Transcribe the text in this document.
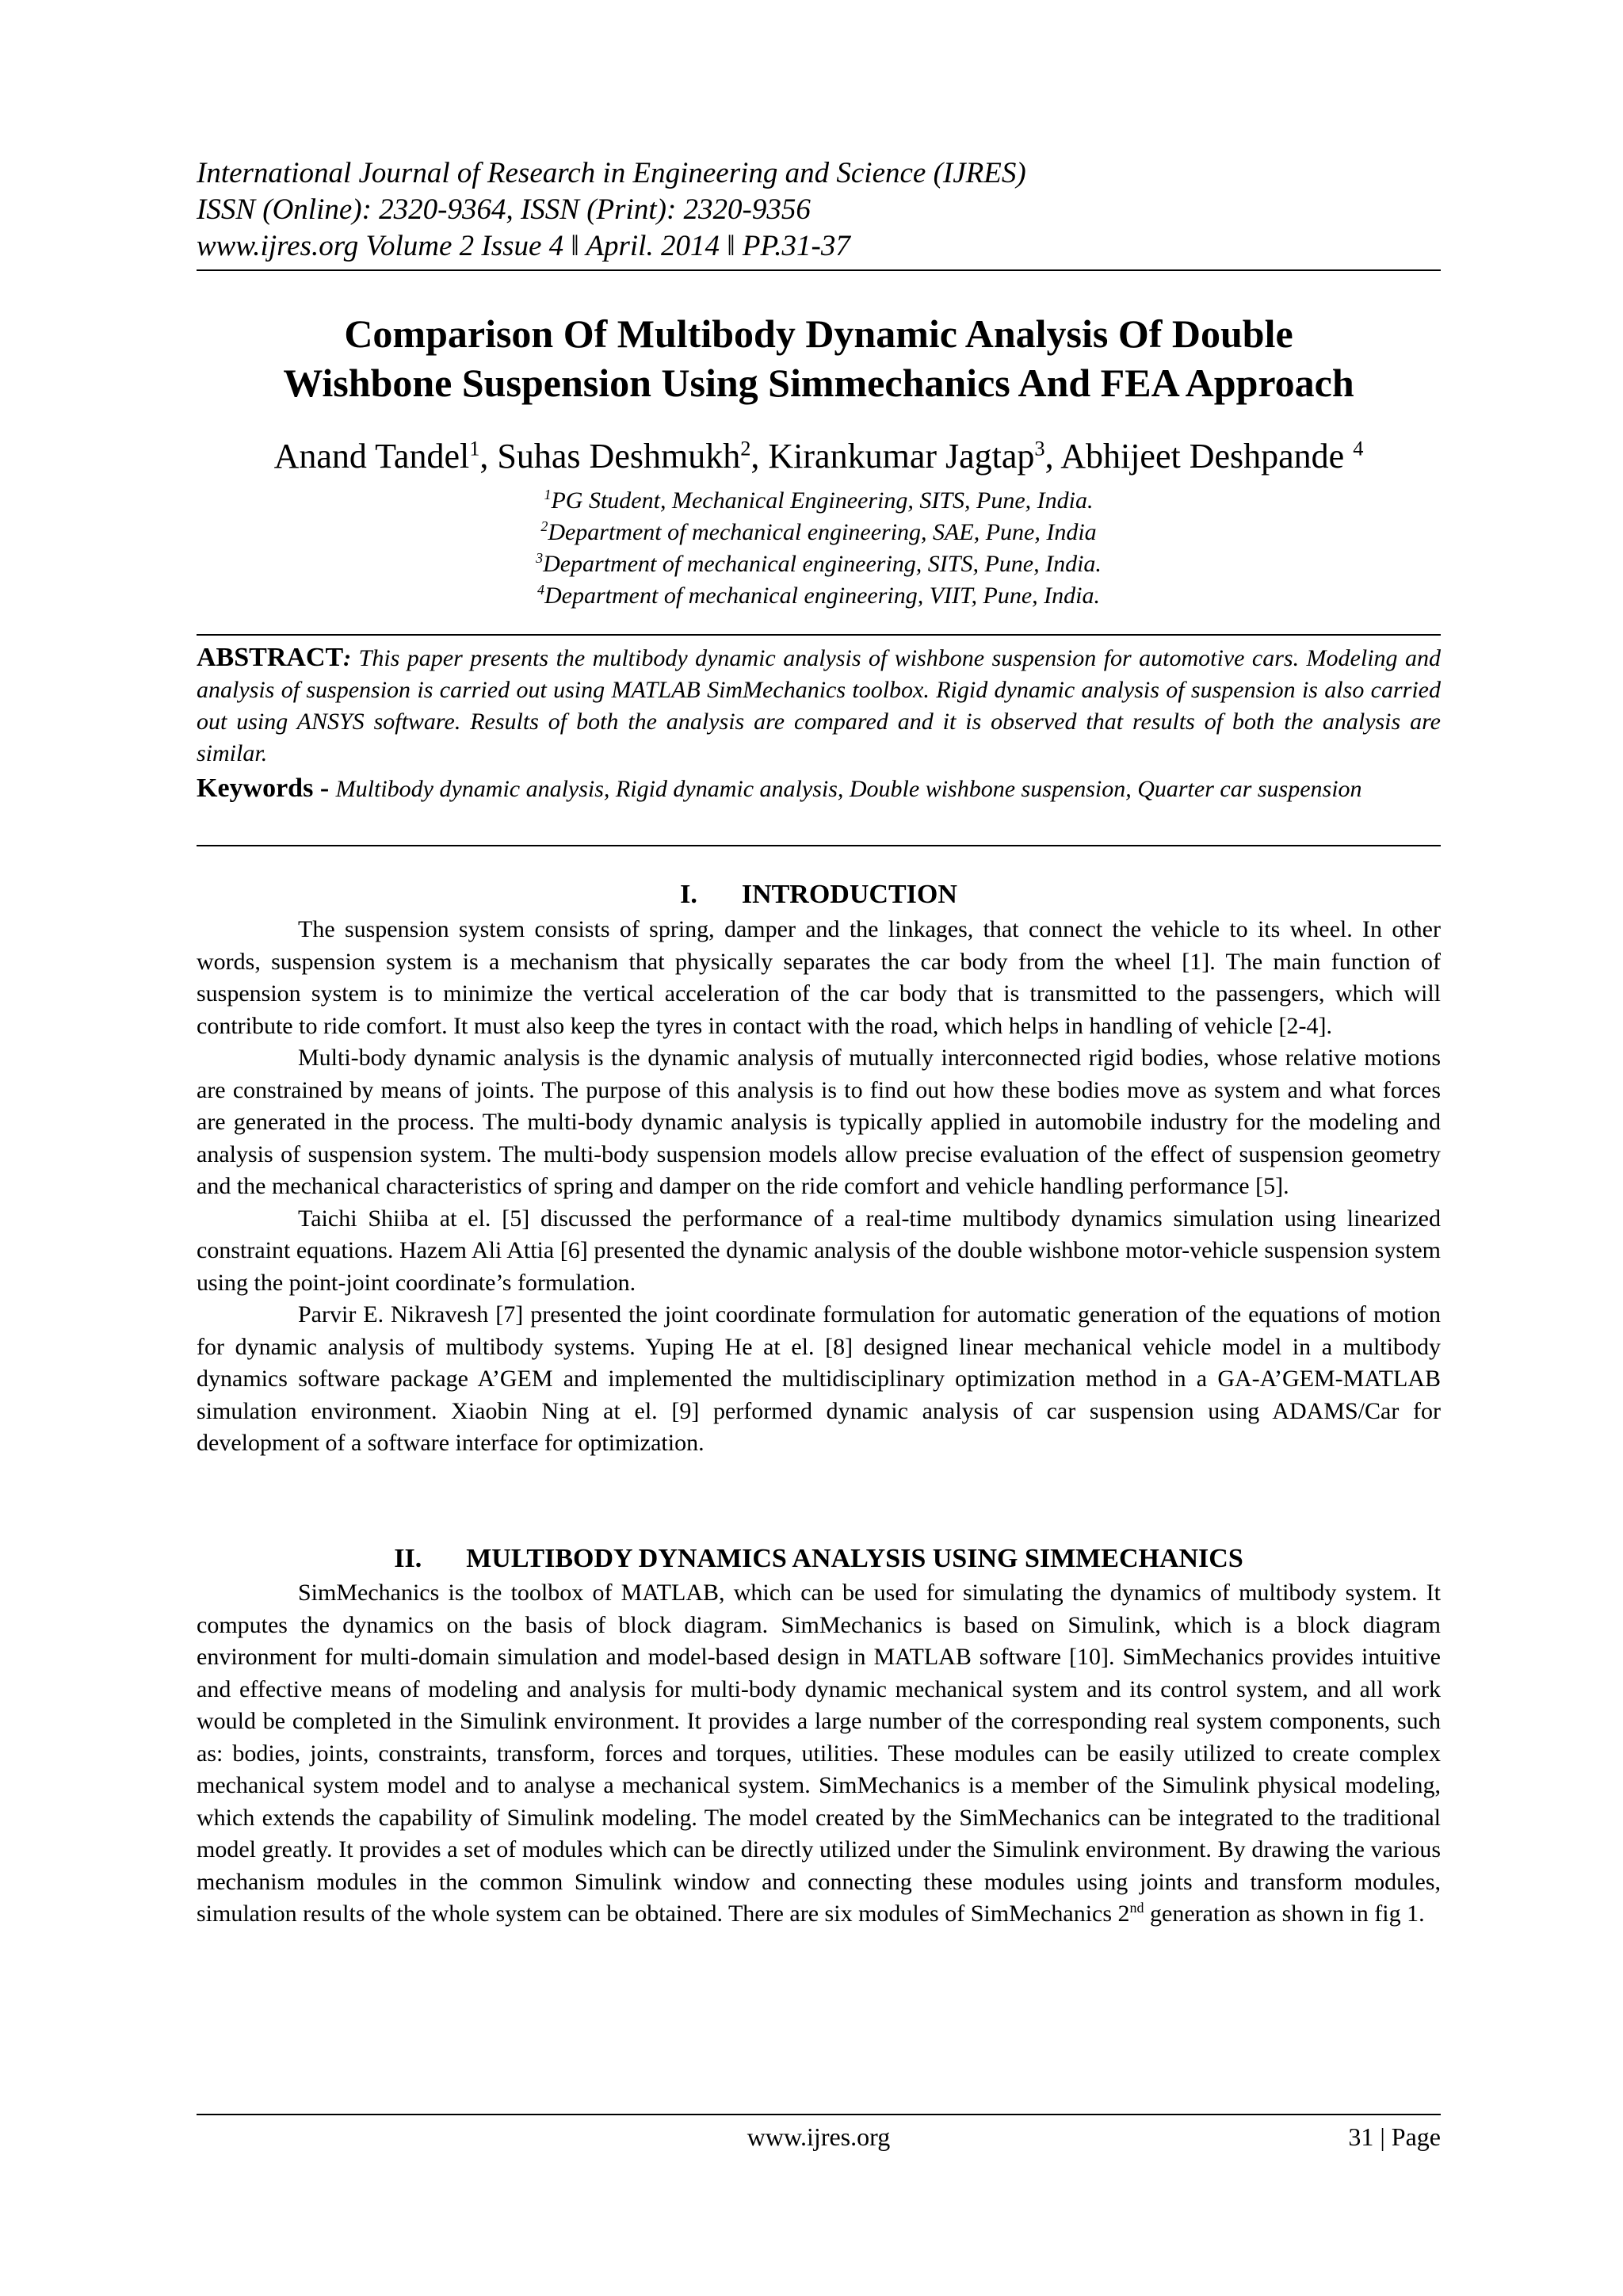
International Journal of Research in Engineering and Science (IJRES)
ISSN (Online): 2320-9364, ISSN (Print): 2320-9356
www.ijres.org Volume 2 Issue 4 ǁ April. 2014 ǁ PP.31-37
Comparison Of Multibody Dynamic Analysis Of Double
Wishbone Suspension Using Simmechanics And FEA Approach
Anand Tandel$^1$, Suhas Deshmukh$^2$, Kirankumar Jagtap$^3$, Abhijeet Deshpande $^4$
$^1$PG Student, Mechanical Engineering, SITS, Pune, India.
$^2$Department of mechanical engineering, SAE, Pune, India
$^3$Department of mechanical engineering, SITS, Pune, India.
$^4$Department of mechanical engineering, VIIT, Pune, India.
ABSTRACT: This paper presents the multibody dynamic analysis of wishbone suspension for automotive cars. Modeling and analysis of suspension is carried out using MATLAB SimMechanics toolbox. Rigid dynamic analysis of suspension is also carried out using ANSYS software. Results of both the analysis are compared and it is observed that results of both the analysis are similar.
Keywords - Multibody dynamic analysis, Rigid dynamic analysis, Double wishbone suspension, Quarter car suspension
I. INTRODUCTION

The suspension system consists of spring, damper and the linkages, that connect the vehicle to its wheel. In other words, suspension system is a mechanism that physically separates the car body from the wheel [1]. The main function of suspension system is to minimize the vertical acceleration of the car body that is transmitted to the passengers, which will contribute to ride comfort. It must also keep the tyres in contact with the road, which helps in handling of vehicle [2-4].

Multi-body dynamic analysis is the dynamic analysis of mutually interconnected rigid bodies, whose relative motions are constrained by means of joints. The purpose of this analysis is to find out how these bodies move as system and what forces are generated in the process. The multi-body dynamic analysis is typically applied in automobile industry for the modeling and analysis of suspension system. The multi-body suspension models allow precise evaluation of the effect of suspension geometry and the mechanical characteristics of spring and damper on the ride comfort and vehicle handling performance [5].

Taichi Shiiba at el. [5] discussed the performance of a real-time multibody dynamics simulation using linearized constraint equations. Hazem Ali Attia [6] presented the dynamic analysis of the double wishbone motor-vehicle suspension system using the point-joint coordinate’s formulation.

Parvir E. Nikravesh [7] presented the joint coordinate formulation for automatic generation of the equations of motion for dynamic analysis of multibody systems. Yuping He at el. [8] designed linear mechanical vehicle model in a multibody dynamics software package A’GEM and implemented the multidisciplinary optimization method in a GA-A’GEM-MATLAB simulation environment. Xiaobin Ning at el. [9] performed dynamic analysis of car suspension using ADAMS/Car for development of a software interface for optimization.

II. MULTIBODY DYNAMICS ANALYSIS USING SIMMECHANICS

SimMechanics is the toolbox of MATLAB, which can be used for simulating the dynamics of multibody system. It computes the dynamics on the basis of block diagram. SimMechanics is based on Simulink, which is a block diagram environment for multi-domain simulation and model-based design in MATLAB software [10]. SimMechanics provides intuitive and effective means of modeling and analysis for multi-body dynamic mechanical system and its control system, and all work would be completed in the Simulink environment. It provides a large number of the corresponding real system components, such as: bodies, joints, constraints, transform, forces and torques, utilities. These modules can be easily utilized to create complex mechanical system model and to analyse a mechanical system. SimMechanics is a member of the Simulink physical modeling, which extends the capability of Simulink modeling. The model created by the SimMechanics can be integrated to the traditional model greatly. It provides a set of modules which can be directly utilized under the Simulink environment. By drawing the various mechanism modules in the common Simulink window and connecting these modules using joints and transform modules, simulation results of the whole system can be obtained. There are six modules of SimMechanics 2nd generation as shown in fig 1.

www.ijres.org	31 | Page
